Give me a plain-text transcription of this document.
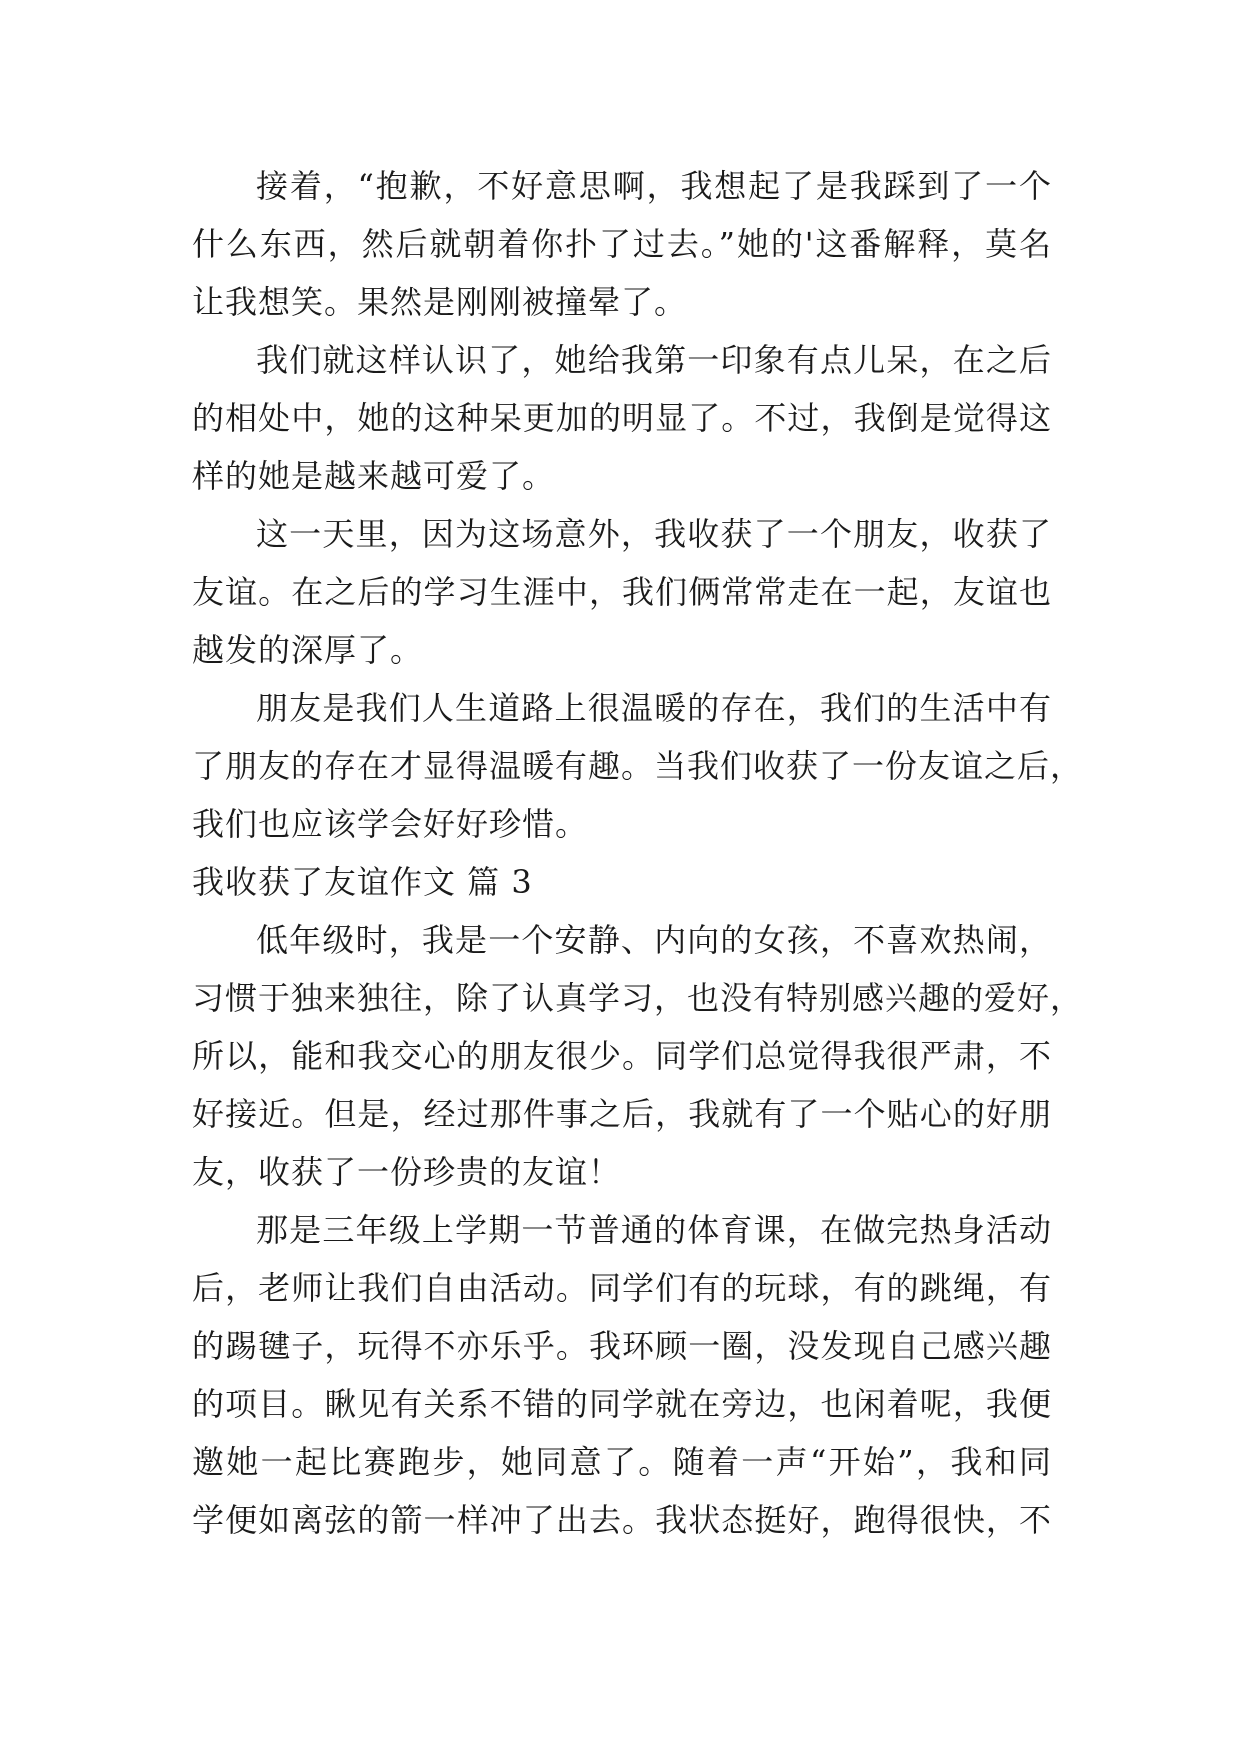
接着，“抱歉，不好意思啊，我想起了是我踩到了一个
什么东西，然后就朝着你扑了过去。”她的'这番解释，莫名
让我想笑。果然是刚刚被撞晕了。
我们就这样认识了，她给我第一印象有点儿呆，在之后
的相处中，她的这种呆更加的明显了。不过，我倒是觉得这
样的她是越来越可爱了。
这一天里，因为这场意外，我收获了一个朋友，收获了
友谊。在之后的学习生涯中，我们俩常常走在一起，友谊也
越发的深厚了。
朋友是我们人生道路上很温暖的存在，我们的生活中有
了朋友的存在才显得温暖有趣。当我们收获了一份友谊之后，
我们也应该学会好好珍惜。
我收获了友谊作文 篇 3
低年级时，我是一个安静、内向的女孩，不喜欢热闹，
习惯于独来独往，除了认真学习，也没有特别感兴趣的爱好，
所以，能和我交心的朋友很少。同学们总觉得我很严肃，不
好接近。但是，经过那件事之后，我就有了一个贴心的好朋
友，收获了一份珍贵的友谊！
那是三年级上学期一节普通的体育课，在做完热身活动
后，老师让我们自由活动。同学们有的玩球，有的跳绳，有
的踢毽子，玩得不亦乐乎。我环顾一圈，没发现自己感兴趣
的项目。瞅见有关系不错的同学就在旁边，也闲着呢，我便
邀她一起比赛跑步，她同意了。随着一声“开始”，我和同
学便如离弦的箭一样冲了出去。我状态挺好，跑得很快，不
